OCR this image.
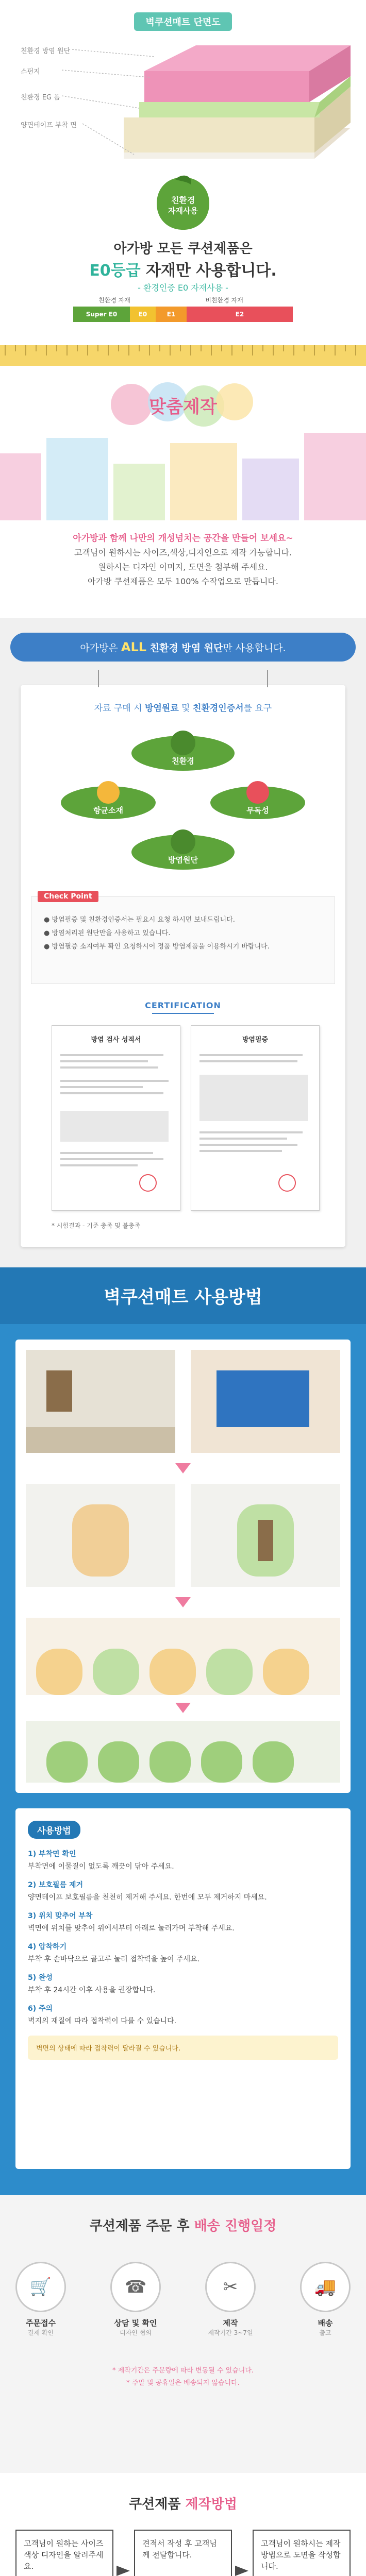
벽쿠션매트 단면도
친환경 방염 원단
스펀지
친환경 EG 폼
양면테이프 부착 면
친환경
자재사용
아가방 모든 쿠션제품은
E0등급 자재만 사용합니다.
- 환경인증 E0 자재사용 -
친환경 자재	비친환경 자재
Super E0	E0	E1	E2
맞춤제작
아가방과 함께 나만의 개성넘치는 공간을 만들어 보세요~
고객님이 원하시는 사이즈,색상,디자인으로 제작 가능합니다.
원하시는 디자인 이미지, 도면을 첨부해 주세요.
아가방 쿠션제품은 모두 100% 수작업으로 만듭니다.
아가방은 ALL 친환경 방염 원단만 사용합니다.
자료 구매 시 방염원료 및 친환경인증서를 요구
친환경
항균소재	무독성
방염원단
Check Point
● 방염필증 및 친환경인증서는 필요시 요청 하시면 보내드립니다.
● 방염처리된 원단만을 사용하고 있습니다.
● 방염필증 소지여부 확인 요청하시어 정품 방염제품을 이용하시기 바랍니다.
CERTIFICATION
방염 검사 성적서	방염필증
* 시험결과 - 기준 충족 및 불충족
벽쿠션매트 사용방법
사용방법
1) 부착면 확인
부착면에 이물질이 없도록 깨끗이 닦아 주세요.
2) 보호필름 제거
양면테이프 보호필름을 천천히 제거해 주세요. 한번에 모두 제거하지 마세요.
3) 위치 맞추어 부착
벽면에 위치를 맞추어 위에서부터 아래로 눌러가며 부착해 주세요.
4) 압착하기
부착 후 손바닥으로 골고루 눌러 접착력을 높여 주세요.
5) 완성
부착 후 24시간 이후 사용을 권장합니다.
6) 주의
벽지의 재질에 따라 접착력이 다를 수 있습니다.
벽면의 상태에 따라 접착력이 달라질 수 있습니다.
쿠션제품 주문 후 배송 진행일정
🛒
주문접수
결제 확인
☎
상담 및 확인
디자인 협의
✂
제작
제작기간 3~7일
🚚
배송
출고
* 제작기간은 주문량에 따라 변동될 수 있습니다.
* 주말 및 공휴일은 배송되지 않습니다.
쿠션제품 제작방법
고객님이 원하는 사이즈 색상 디자인을 알려주세요.
견적서 작성 후 고객님께 전달합니다.
고객님이 원하시는 제작방법으로 도면을 작성합니다.
